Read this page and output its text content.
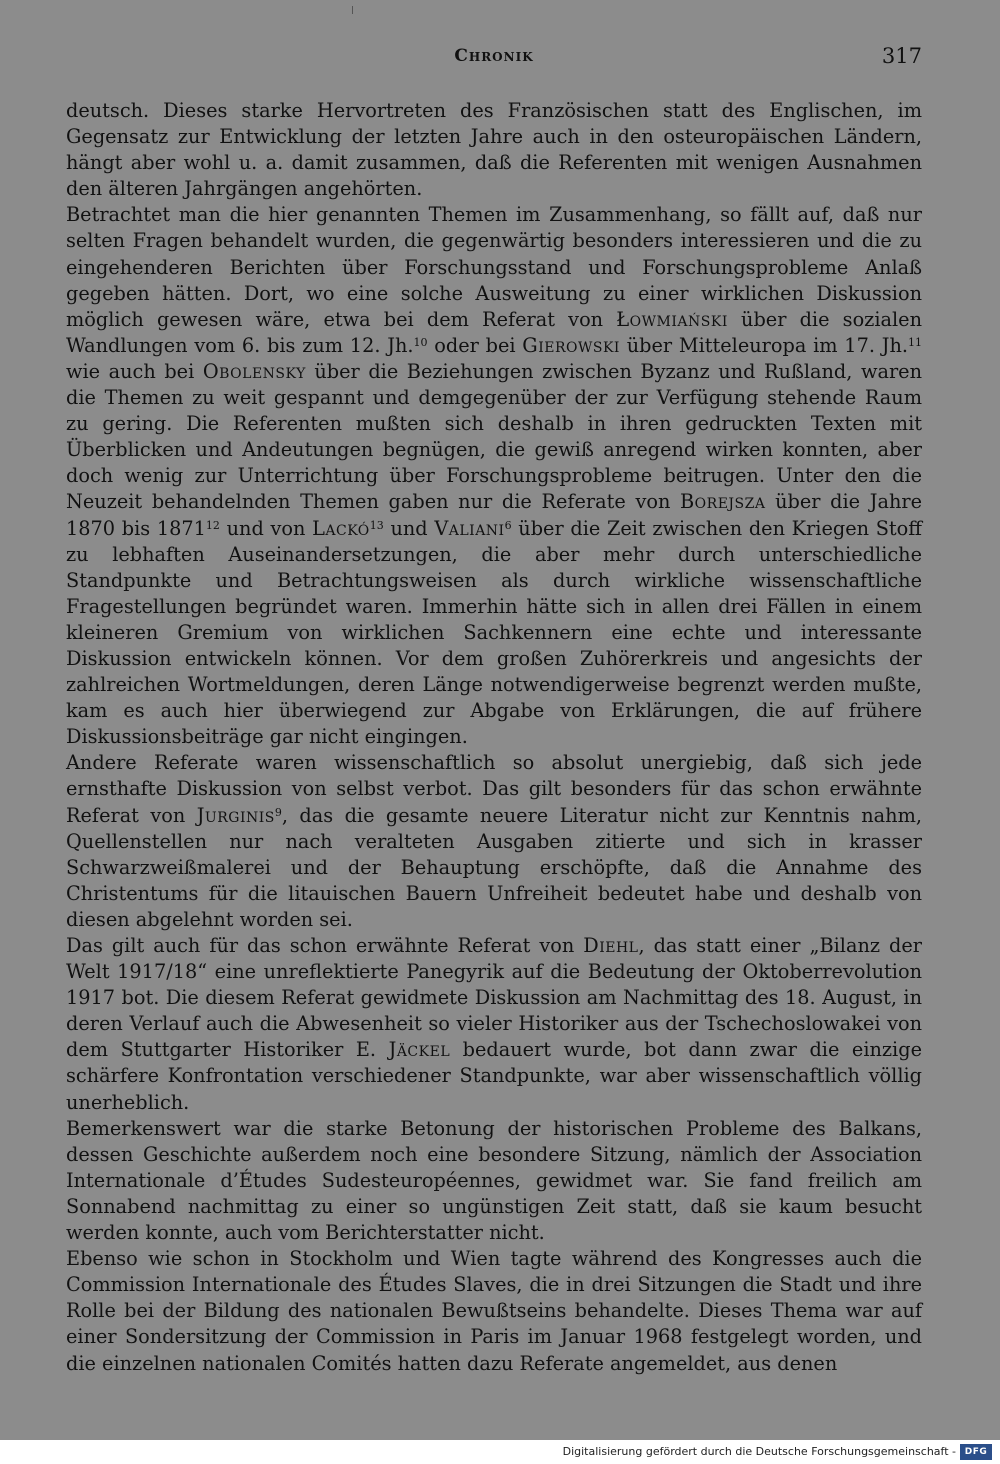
Chronik	317

deutsch. Dieses starke Hervortreten des Französischen statt des Englischen, im Gegensatz zur Entwicklung der letzten Jahre auch in den osteuropäischen Ländern, hängt aber wohl u. a. damit zusammen, daß die Referenten mit wenigen Ausnahmen den älteren Jahrgängen angehörten.

Betrachtet man die hier genannten Themen im Zusammenhang, so fällt auf, daß nur selten Fragen behandelt wurden, die gegenwärtig besonders interessieren und die zu eingehenderen Berichten über Forschungsstand und Forschungsprobleme Anlaß gegeben hätten. Dort, wo eine solche Ausweitung zu einer wirklichen Diskussion möglich gewesen wäre, etwa bei dem Referat von Łowmiański über die sozialen Wandlungen vom 6. bis zum 12. Jh.$^{10}$ oder bei Gierowski über Mitteleuropa im 17. Jh.$^{11}$ wie auch bei Obolensky über die Beziehungen zwischen Byzanz und Rußland, waren die Themen zu weit gespannt und demgegenüber der zur Verfügung stehende Raum zu gering. Die Referenten mußten sich deshalb in ihren gedruckten Texten mit Überblicken und Andeutungen begnügen, die gewiß anregend wirken konnten, aber doch wenig zur Unterrichtung über Forschungsprobleme beitrugen. Unter den die Neuzeit behandelnden Themen gaben nur die Referate von Borejsza über die Jahre 1870 bis 1871$^{12}$ und von Lackó$^{13}$ und Valiani$^6$ über die Zeit zwischen den Kriegen Stoff zu lebhaften Auseinandersetzungen, die aber mehr durch unterschiedliche Standpunkte und Betrachtungsweisen als durch wirkliche wissenschaftliche Fragestellungen begründet waren. Immerhin hätte sich in allen drei Fällen in einem kleineren Gremium von wirklichen Sachkennern eine echte und interessante Diskussion entwickeln können. Vor dem großen Zuhörerkreis und angesichts der zahlreichen Wortmeldungen, deren Länge notwendigerweise begrenzt werden mußte, kam es auch hier überwiegend zur Abgabe von Erklärungen, die auf frühere Diskussionsbeiträge gar nicht eingingen.

Andere Referate waren wissenschaftlich so absolut unergiebig, daß sich jede ernsthafte Diskussion von selbst verbot. Das gilt besonders für das schon erwähnte Referat von Jurginis$^9$, das die gesamte neuere Literatur nicht zur Kenntnis nahm, Quellenstellen nur nach veralteten Ausgaben zitierte und sich in krasser Schwarzweißmalerei und der Behauptung erschöpfte, daß die Annahme des Christentums für die litauischen Bauern Unfreiheit bedeutet habe und deshalb von diesen abgelehnt worden sei.

Das gilt auch für das schon erwähnte Referat von Diehl, das statt einer „Bilanz der Welt 1917/18“ eine unreflektierte Panegyrik auf die Bedeutung der Oktoberrevolution 1917 bot. Die diesem Referat gewidmete Diskussion am Nachmittag des 18. August, in deren Verlauf auch die Abwesenheit so vieler Historiker aus der Tschechoslowakei von dem Stuttgarter Historiker E. Jäckel bedauert wurde, bot dann zwar die einzige schärfere Konfrontation verschiedener Standpunkte, war aber wissenschaftlich völlig unerheblich.

Bemerkenswert war die starke Betonung der historischen Probleme des Balkans, dessen Geschichte außerdem noch eine besondere Sitzung, nämlich der Association Internationale d’Études Sudesteuropéennes, gewidmet war. Sie fand freilich am Sonnabend nachmittag zu einer so ungünstigen Zeit statt, daß sie kaum besucht werden konnte, auch vom Berichterstatter nicht.

Ebenso wie schon in Stockholm und Wien tagte während des Kongresses auch die Commission Internationale des Études Slaves, die in drei Sitzungen die Stadt und ihre Rolle bei der Bildung des nationalen Bewußtseins behandelte. Dieses Thema war auf einer Sondersitzung der Commission in Paris im Januar 1968 festgelegt worden, und die einzelnen nationalen Comités hatten dazu Referate angemeldet, aus denen

Digitalisierung gefördert durch die Deutsche Forschungsgemeinschaft - DFG
